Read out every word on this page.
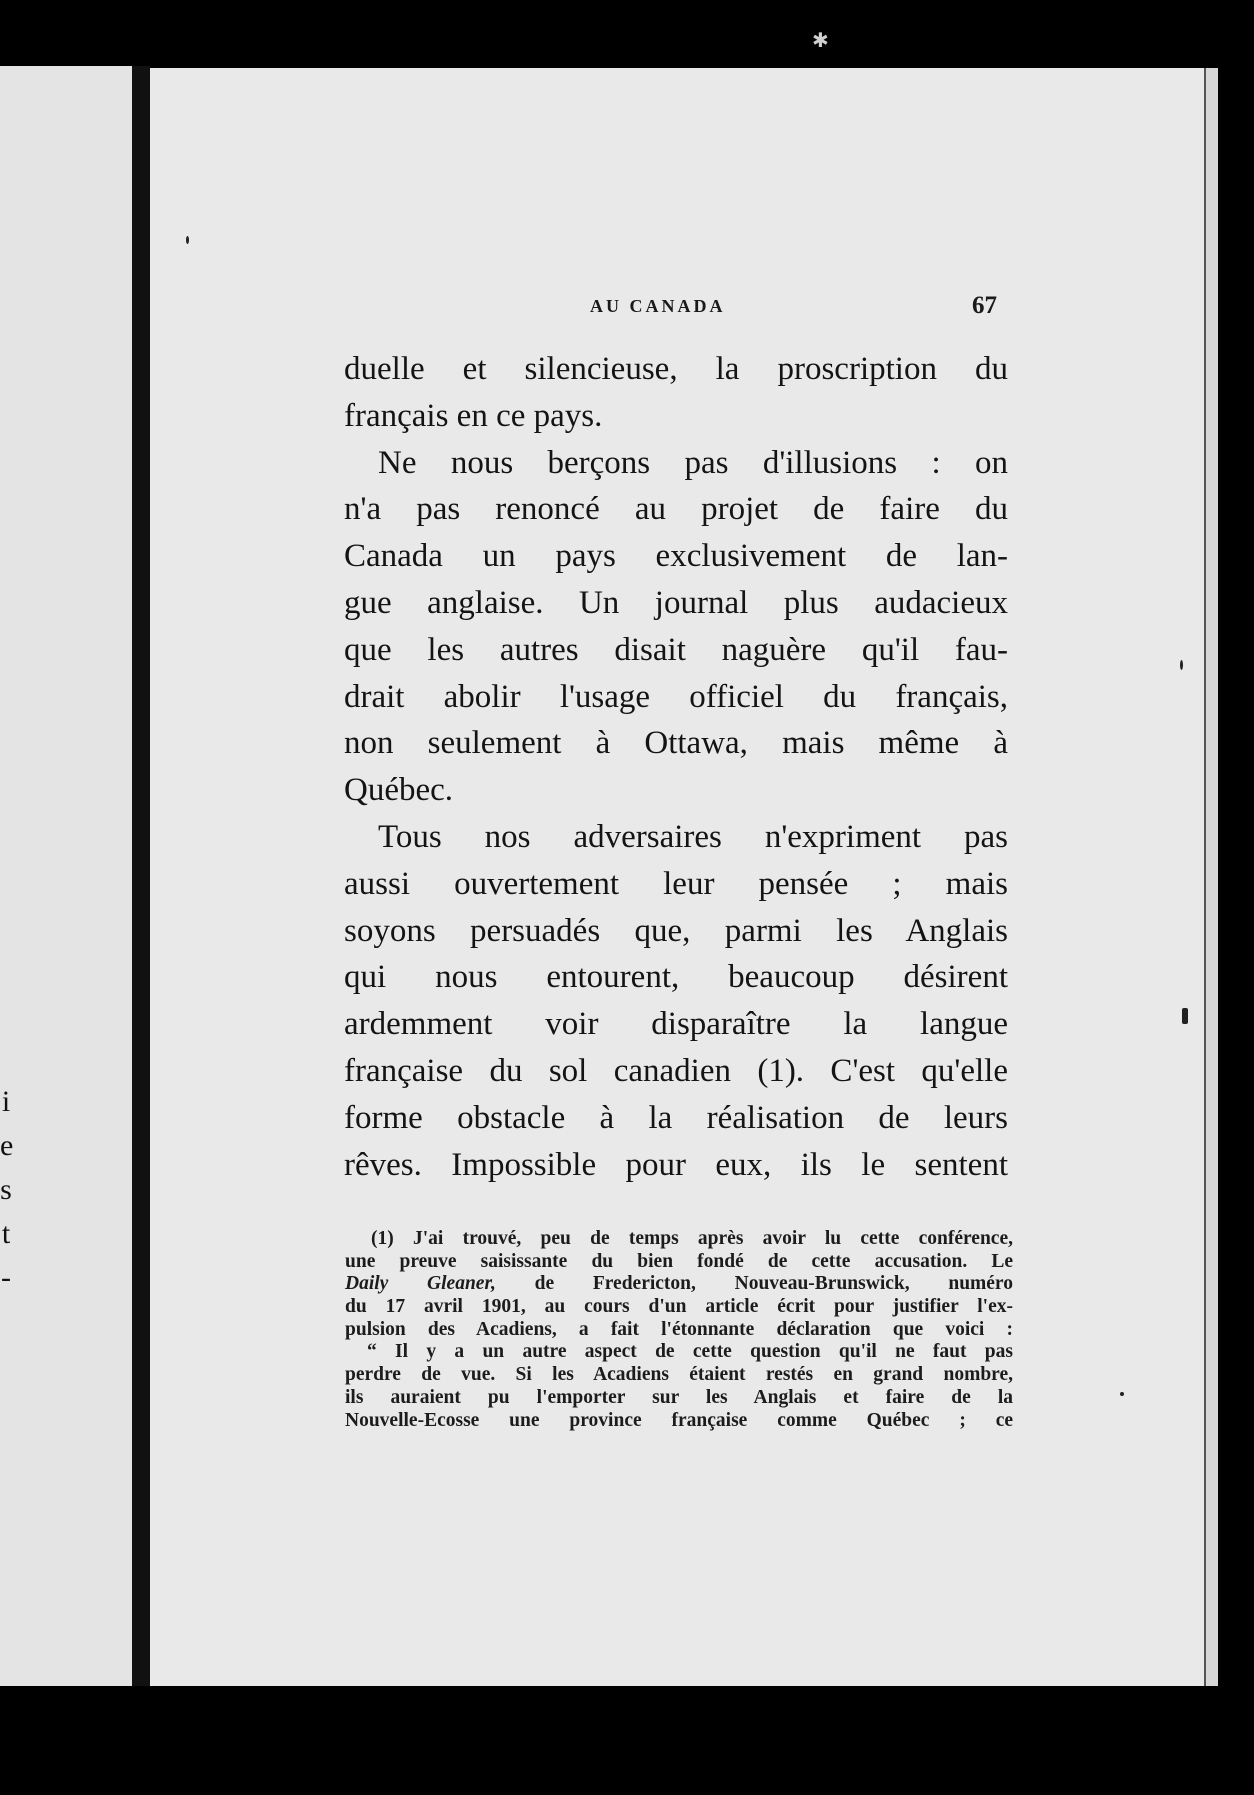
✱
i
e
s
t
-
AU CANADA	67
duelle et silencieuse, la proscription du
français en ce pays.
Ne nous berçons pas d'illusions : on
n'a pas renoncé au projet de faire du
Canada un pays exclusivement de lan-
gue anglaise. Un journal plus audacieux
que les autres disait naguère qu'il fau-
drait abolir l'usage officiel du français,
non seulement à Ottawa, mais même à
Québec.
Tous nos adversaires n'expriment pas
aussi ouvertement leur pensée ; mais
soyons persuadés que, parmi les Anglais
qui nous entourent, beaucoup désirent
ardemment voir disparaître la langue
française du sol canadien (1). C'est qu'elle
forme obstacle à la réalisation de leurs
rêves. Impossible pour eux, ils le sentent
(1) J'ai trouvé, peu de temps après avoir lu cette conférence,
une preuve saisissante du bien fondé de cette accusation. Le
Daily Gleaner, de Fredericton, Nouveau-Brunswick, numéro
du 17 avril 1901, au cours d'un article écrit pour justifier l'ex-
pulsion des Acadiens, a fait l'étonnante déclaration que voici :
“ Il y a un autre aspect de cette question qu'il ne faut pas
perdre de vue. Si les Acadiens étaient restés en grand nombre,
ils auraient pu l'emporter sur les Anglais et faire de la
Nouvelle-Ecosse une province française comme Québec ; ce
